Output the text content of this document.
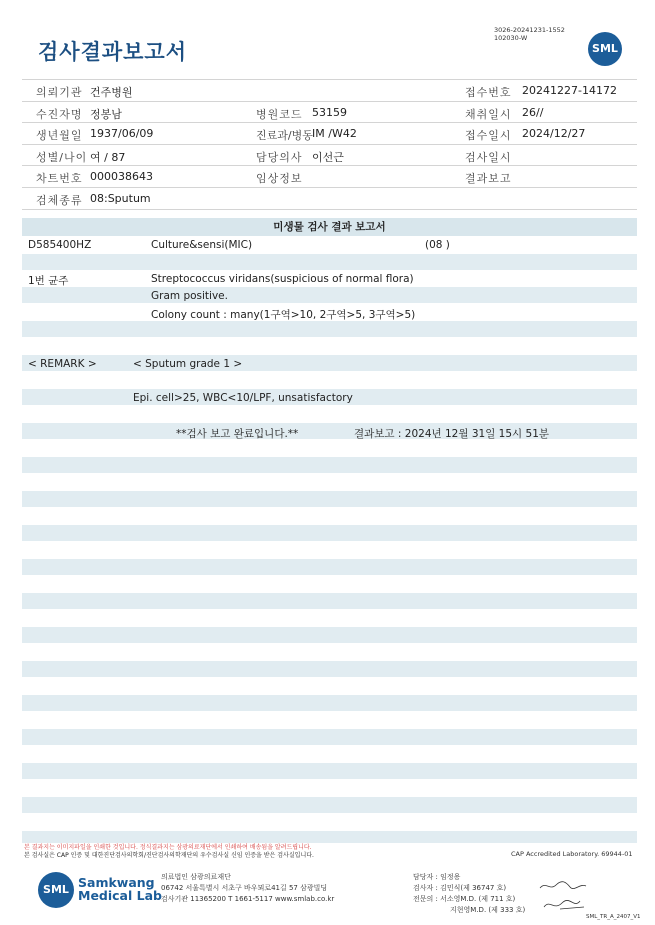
검사결과보고서
3026-20241231-1552
102030-W
SML
의뢰기관 건주병원	접수번호 20241227-14172
수진자명 정봉남	병원코드 53159	채취일시 26//
생년월일 1937/06/09	진료과/병동 IM /W42	접수일시 2024/12/27
성별/나이 여 / 87	담당의사 이선근	검사일시
차트번호 000038643	임상정보	결과보고
검체종류 08:Sputum
미생물 검사 결과 보고서
D585400HZ	Culture&sensi(MIC)	(08 )
1번 균주	Streptococcus viridans(suspicious of normal flora)
Gram positive.
Colony count : many(1구역>10, 2구역>5, 3구역>5)
< REMARK >	< Sputum grade 1 >
Epi. cell>25, WBC<10/LPF, unsatisfactory
**검사 보고 완료입니다.**	결과보고 : 2024년 12월 31일 15시 51분
본 결과지는 이미지파일을 인쇄한 것입니다. 정식결과지는 삼광의료재단에서 인쇄하여 배송됨을 알려드립니다.
본 검사실은 CAP 인증 및 대한진단검사의학회/진단검사의학재단의 우수검사실 신임 인증을 받은 검사실입니다.	CAP Accredited Laboratory. 69944-01
SML Samkwang
Medical Lab
의료법인 삼광의료재단
06742 서울특별시 서초구 바우뫼로41길 57 삼광빌딩
검사기관 11365200 T 1661-5117 www.smlab.co.kr
담당자 : 임정용
검사자 : 김민식(제 36747 호)
전문의 : 서소영M.D. (제 711 호)
지현영M.D. (제 333 호)
SML_TR_A_2407_V1
